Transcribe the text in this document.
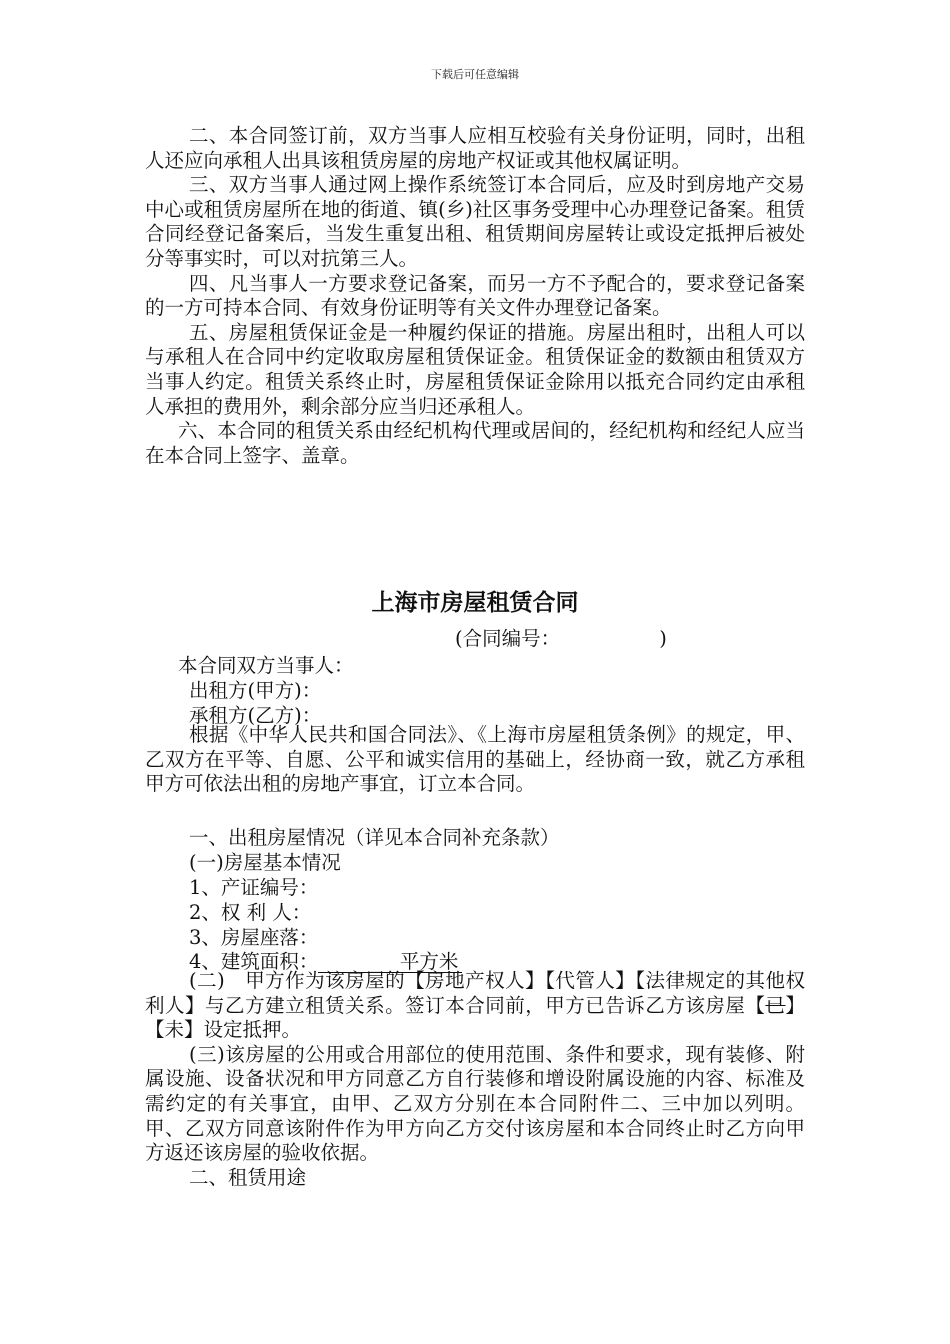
下载后可任意编辑

二、本合同签订前，双方当事人应相互校验有关身份证明，同时，出租人还应向承租人出具该租赁房屋的房地产权证或其他权属证明。

三、双方当事人通过网上操作系统签订本合同后，应及时到房地产交易中心或租赁房屋所在地的街道、镇(乡)社区事务受理中心办理登记备案。租赁合同经登记备案后，当发生重复出租、租赁期间房屋转让或设定抵押后被处分等事实时，可以对抗第三人。

四、凡当事人一方要求登记备案，而另一方不予配合的，要求登记备案的一方可持本合同、有效身份证明等有关文件办理登记备案。

五、房屋租赁保证金是一种履约保证的措施。房屋出租时，出租人可以与承租人在合同中约定收取房屋租赁保证金。租赁保证金的数额由租赁双方当事人约定。租赁关系终止时，房屋租赁保证金除用以抵充合同约定由承租人承担的费用外，剩余部分应当归还承租人。

六、本合同的租赁关系由经纪机构代理或居间的，经纪机构和经纪人应当在本合同上签字、盖章。

上海市房屋租赁合同
(合同编号：                )
本合同双方当事人：
出租方(甲方)：
承租方(乙方)：

根据《中华人民共和国合同法》、《上海市房屋租赁条例》的规定，甲、乙双方在平等、自愿、公平和诚实信用的基础上，经协商一致，就乙方承租甲方可依法出租的房地产事宜，订立本合同。

一、出租房屋情况（详见本合同补充条款）
(一)房屋基本情况
1、产证编号：
2、权 利 人：
3、房屋座落：
4、建筑面积：	平方米

(二)　甲方作为该房屋的【房地产权人】【代管人】【法律规定的其他权利人】与乙方建立租赁关系。签订本合同前，甲方已告诉乙方该房屋【已】【未】设定抵押。

(三)该房屋的公用或合用部位的使用范围、条件和要求，现有装修、附属设施、设备状况和甲方同意乙方自行装修和增设附属设施的内容、标准及需约定的有关事宜，由甲、乙双方分别在本合同附件二、三中加以列明。甲、乙双方同意该附件作为甲方向乙方交付该房屋和本合同终止时乙方向甲方返还该房屋的验收依据。

二、租赁用途
